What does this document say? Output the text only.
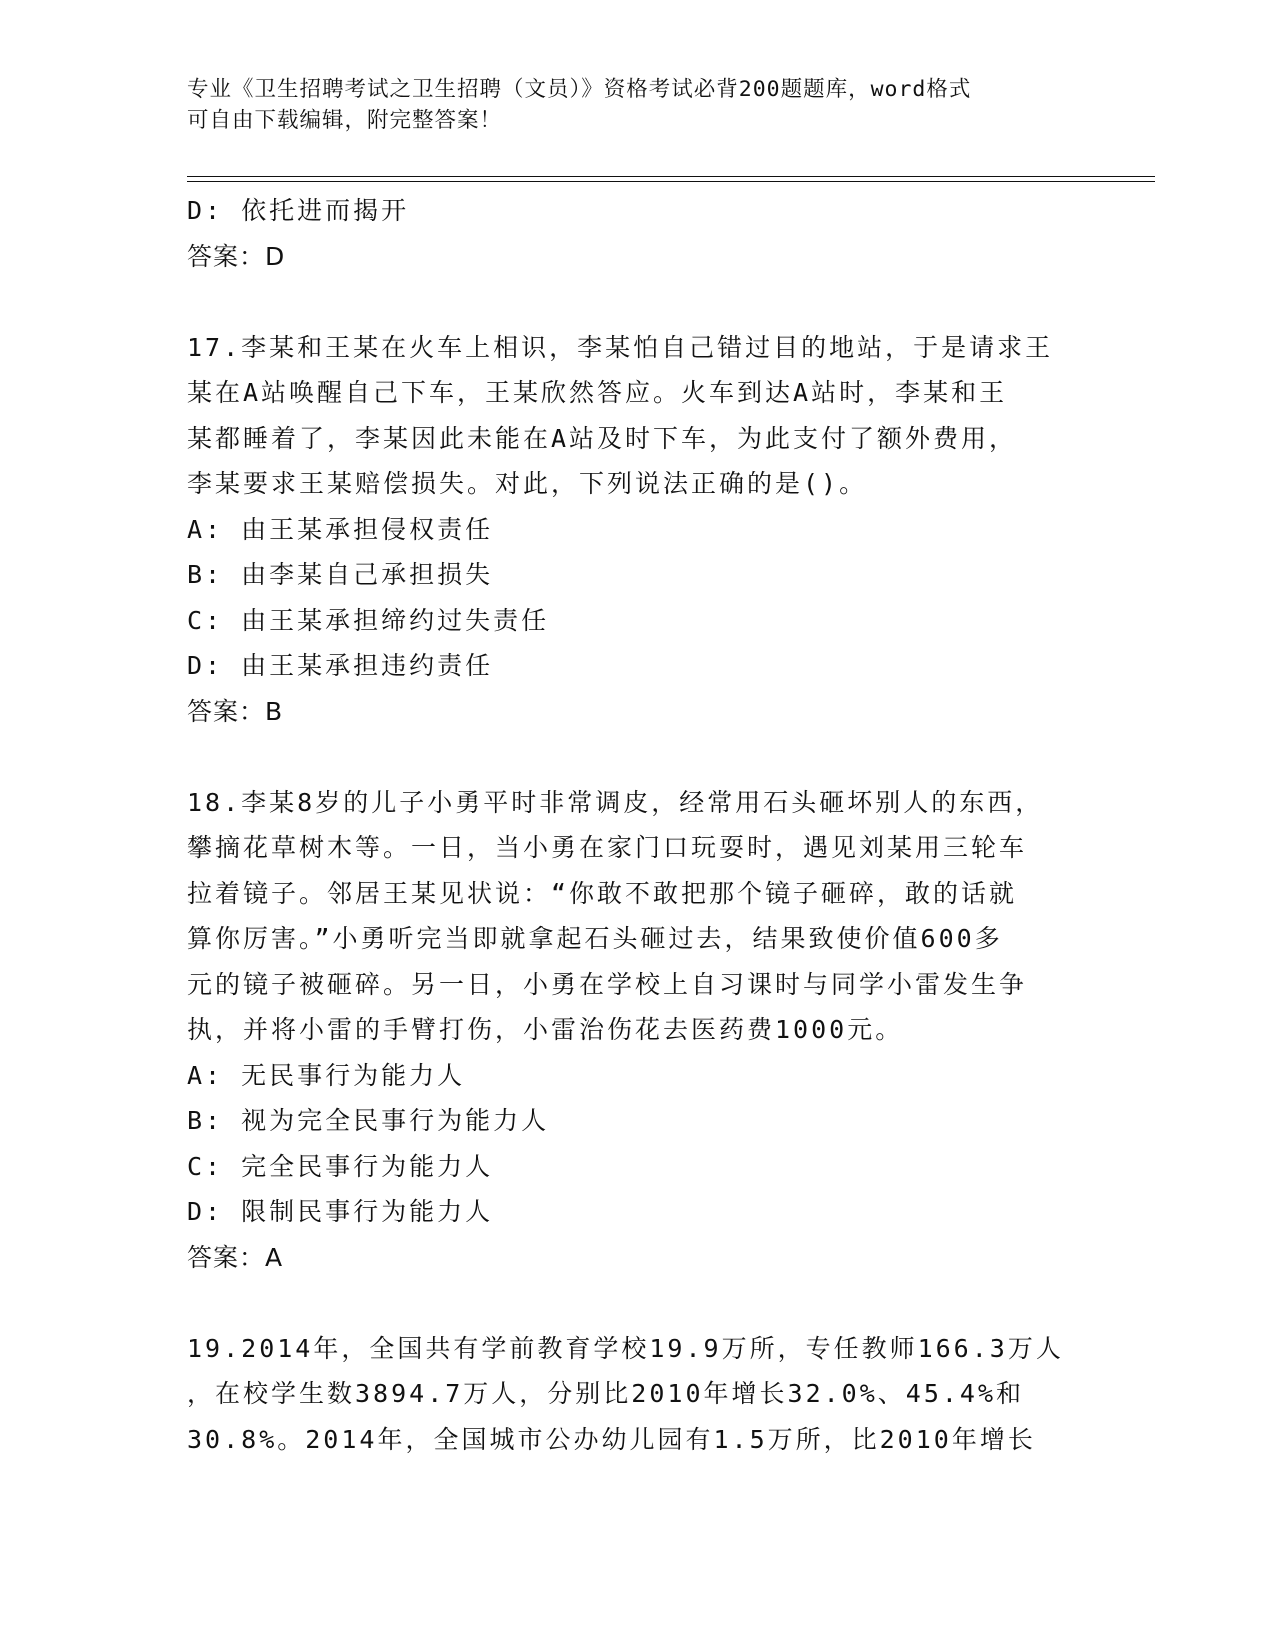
专业《卫生招聘考试之卫生招聘（文员）》资格考试必背200题题库，word格式
可自由下载编辑，附完整答案！
D: 依托进而揭开
答案：D
17.李某和王某在火车上相识，李某怕自己错过目的地站，于是请求王
某在A站唤醒自己下车，王某欣然答应。火车到达A站时，李某和王
某都睡着了，李某因此未能在A站及时下车，为此支付了额外费用，
李某要求王某赔偿损失。对此，下列说法正确的是()。
A: 由王某承担侵权责任
B: 由李某自己承担损失
C: 由王某承担缔约过失责任
D: 由王某承担违约责任
答案：B
18.李某8岁的儿子小勇平时非常调皮，经常用石头砸坏别人的东西，
攀摘花草树木等。一日，当小勇在家门口玩耍时，遇见刘某用三轮车
拉着镜子。邻居王某见状说：“你敢不敢把那个镜子砸碎，敢的话就
算你厉害。”小勇听完当即就拿起石头砸过去，结果致使价值600多
元的镜子被砸碎。另一日，小勇在学校上自习课时与同学小雷发生争
执，并将小雷的手臂打伤，小雷治伤花去医药费1000元。
A: 无民事行为能力人
B: 视为完全民事行为能力人
C: 完全民事行为能力人
D: 限制民事行为能力人
答案：A
19.2014年，全国共有学前教育学校19.9万所，专任教师166.3万人
，在校学生数3894.7万人，分别比2010年增长32.0%、45.4%和
30.8%。2014年，全国城市公办幼儿园有1.5万所，比2010年增长
